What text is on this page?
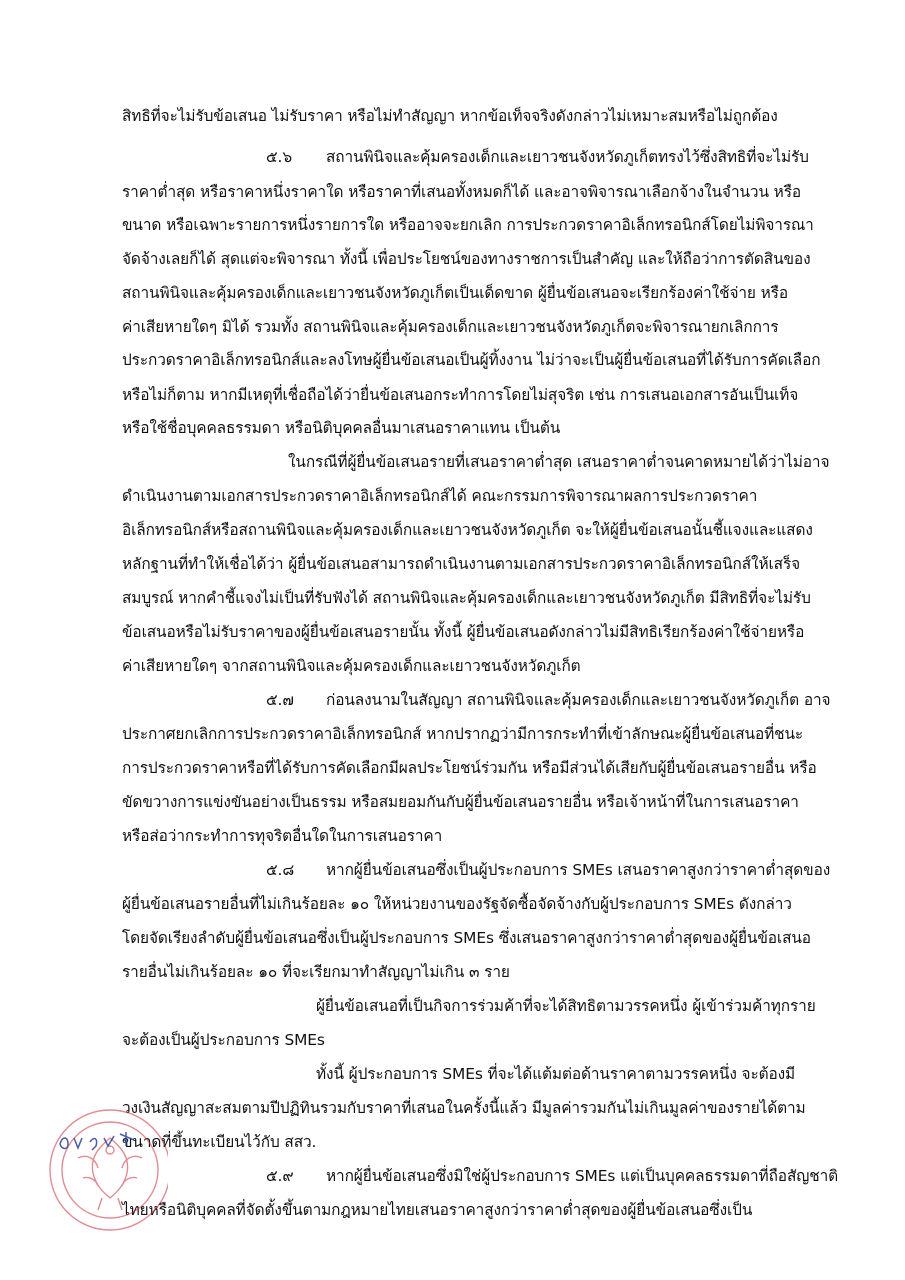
สิทธิที่จะไม่รับข้อเสนอ ไม่รับราคา หรือไม่ทำสัญญา หากข้อเท็จจริงดังกล่าวไม่เหมาะสมหรือไม่ถูกต้อง
๕.๖ สถานพินิจและคุ้มครองเด็กและเยาวชนจังหวัดภูเก็ตทรงไว้ซึ่งสิทธิที่จะไม่รับ
ราคาต่ำสุด หรือราคาหนึ่งราคาใด หรือราคาที่เสนอทั้งหมดก็ได้ และอาจพิจารณาเลือกจ้างในจำนวน หรือ
ขนาด หรือเฉพาะรายการหนึ่งรายการใด หรืออาจจะยกเลิก การประกวดราคาอิเล็กทรอนิกส์โดยไม่พิจารณา
จัดจ้างเลยก็ได้ สุดแต่จะพิจารณา ทั้งนี้ เพื่อประโยชน์ของทางราชการเป็นสำคัญ และให้ถือว่าการตัดสินของ
สถานพินิจและคุ้มครองเด็กและเยาวชนจังหวัดภูเก็ตเป็นเด็ดขาด ผู้ยื่นข้อเสนอจะเรียกร้องค่าใช้จ่าย หรือ
ค่าเสียหายใดๆ มิได้ รวมทั้ง สถานพินิจและคุ้มครองเด็กและเยาวชนจังหวัดภูเก็ตจะพิจารณายกเลิกการ
ประกวดราคาอิเล็กทรอนิกส์และลงโทษผู้ยื่นข้อเสนอเป็นผู้ทิ้งงาน ไม่ว่าจะเป็นผู้ยื่นข้อเสนอที่ได้รับการคัดเลือก
หรือไม่ก็ตาม หากมีเหตุที่เชื่อถือได้ว่ายื่นข้อเสนอกระทำการโดยไม่สุจริต เช่น การเสนอเอกสารอันเป็นเท็จ
หรือใช้ชื่อบุคคลธรรมดา หรือนิติบุคคลอื่นมาเสนอราคาแทน เป็นต้น
ในกรณีที่ผู้ยื่นข้อเสนอรายที่เสนอราคาต่ำสุด เสนอราคาต่ำจนคาดหมายได้ว่าไม่อาจ
ดำเนินงานตามเอกสารประกวดราคาอิเล็กทรอนิกส์ได้ คณะกรรมการพิจารณาผลการประกวดราคา
อิเล็กทรอนิกส์หรือสถานพินิจและคุ้มครองเด็กและเยาวชนจังหวัดภูเก็ต จะให้ผู้ยื่นข้อเสนอนั้นชี้แจงและแสดง
หลักฐานที่ทำให้เชื่อได้ว่า ผู้ยื่นข้อเสนอสามารถดำเนินงานตามเอกสารประกวดราคาอิเล็กทรอนิกส์ให้เสร็จ
สมบูรณ์ หากคำชี้แจงไม่เป็นที่รับฟังได้ สถานพินิจและคุ้มครองเด็กและเยาวชนจังหวัดภูเก็ต มีสิทธิที่จะไม่รับ
ข้อเสนอหรือไม่รับราคาของผู้ยื่นข้อเสนอรายนั้น ทั้งนี้ ผู้ยื่นข้อเสนอดังกล่าวไม่มีสิทธิเรียกร้องค่าใช้จ่ายหรือ
ค่าเสียหายใดๆ จากสถานพินิจและคุ้มครองเด็กและเยาวชนจังหวัดภูเก็ต
๕.๗ ก่อนลงนามในสัญญา สถานพินิจและคุ้มครองเด็กและเยาวชนจังหวัดภูเก็ต อาจ
ประกาศยกเลิกการประกวดราคาอิเล็กทรอนิกส์ หากปรากฏว่ามีการกระทำที่เข้าลักษณะผู้ยื่นข้อเสนอที่ชนะ
การประกวดราคาหรือที่ได้รับการคัดเลือกมีผลประโยชน์ร่วมกัน หรือมีส่วนได้เสียกับผู้ยื่นข้อเสนอรายอื่น หรือ
ขัดขวางการแข่งขันอย่างเป็นธรรม หรือสมยอมกันกับผู้ยื่นข้อเสนอรายอื่น หรือเจ้าหน้าที่ในการเสนอราคา
หรือส่อว่ากระทำการทุจริตอื่นใดในการเสนอราคา
๕.๘ หากผู้ยื่นข้อเสนอซึ่งเป็นผู้ประกอบการ SMEs เสนอราคาสูงกว่าราคาต่ำสุดของ
ผู้ยื่นข้อเสนอรายอื่นที่ไม่เกินร้อยละ ๑๐ ให้หน่วยงานของรัฐจัดซื้อจัดจ้างกับผู้ประกอบการ SMEs ดังกล่าว
โดยจัดเรียงลำดับผู้ยื่นข้อเสนอซึ่งเป็นผู้ประกอบการ SMEs ซึ่งเสนอราคาสูงกว่าราคาต่ำสุดของผู้ยื่นข้อเสนอ
รายอื่นไม่เกินร้อยละ ๑๐ ที่จะเรียกมาทำสัญญาไม่เกิน ๓ ราย
ผู้ยื่นข้อเสนอที่เป็นกิจการร่วมค้าที่จะได้สิทธิตามวรรคหนึ่ง ผู้เข้าร่วมค้าทุกราย
จะต้องเป็นผู้ประกอบการ SMEs
ทั้งนี้ ผู้ประกอบการ SMEs ที่จะได้แต้มต่อด้านราคาตามวรรคหนึ่ง จะต้องมี
วงเงินสัญญาสะสมตามปีปฏิทินรวมกับราคาที่เสนอในครั้งนี้แล้ว มีมูลค่ารวมกันไม่เกินมูลค่าของรายได้ตาม
ขนาดที่ขึ้นทะเบียนไว้กับ สสว.
๕.๙ หากผู้ยื่นข้อเสนอซึ่งมิใช่ผู้ประกอบการ SMEs แต่เป็นบุคคลธรรมดาที่ถือสัญชาติ
ไทยหรือนิติบุคคลที่จัดตั้งขึ้นตามกฎหมายไทยเสนอราคาสูงกว่าราคาต่ำสุดของผู้ยื่นข้อเสนอซึ่งเป็น
